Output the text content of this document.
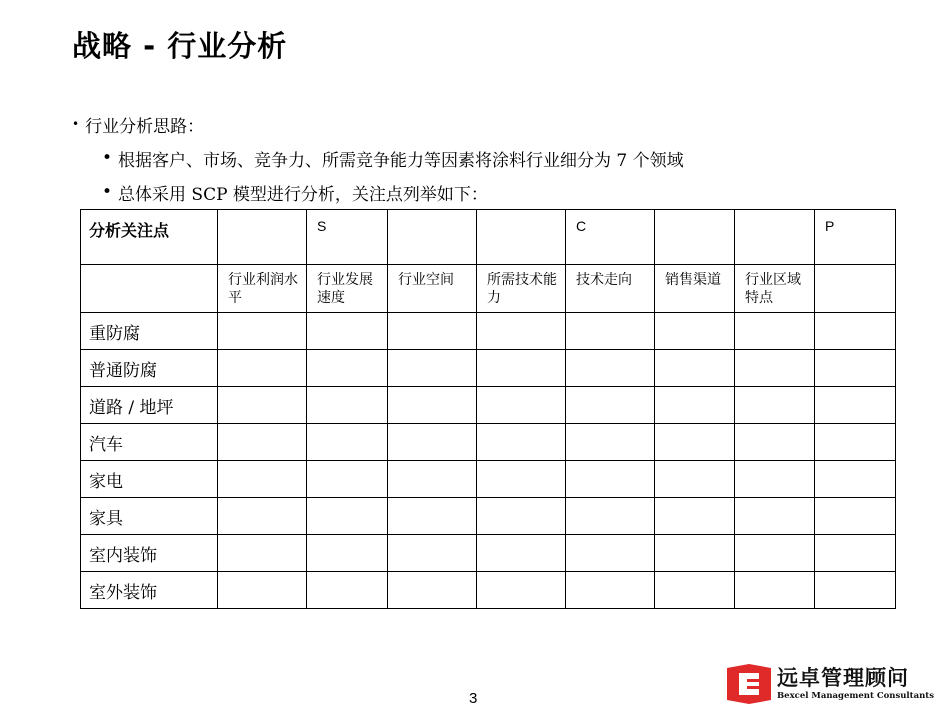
战略 - 行业分析
• 行业分析思路：
• 根据客户、市场、竞争力、所需竞争能力等因素将涂料行业细分为 7 个领域
• 总体采用 SCP 模型进行分析，关注点列举如下：
分析关注点		S			C			P

	行业利润水平	行业发展速度	行业空间	所需技术能力	技术走向	销售渠道	行业区域特点	

重防腐								

普通防腐								

道路 / 地坪								

汽车								

家电								

家具								

室内装饰								

室外装饰								

3
远卓管理顾问
Bexcel Management Consultants
